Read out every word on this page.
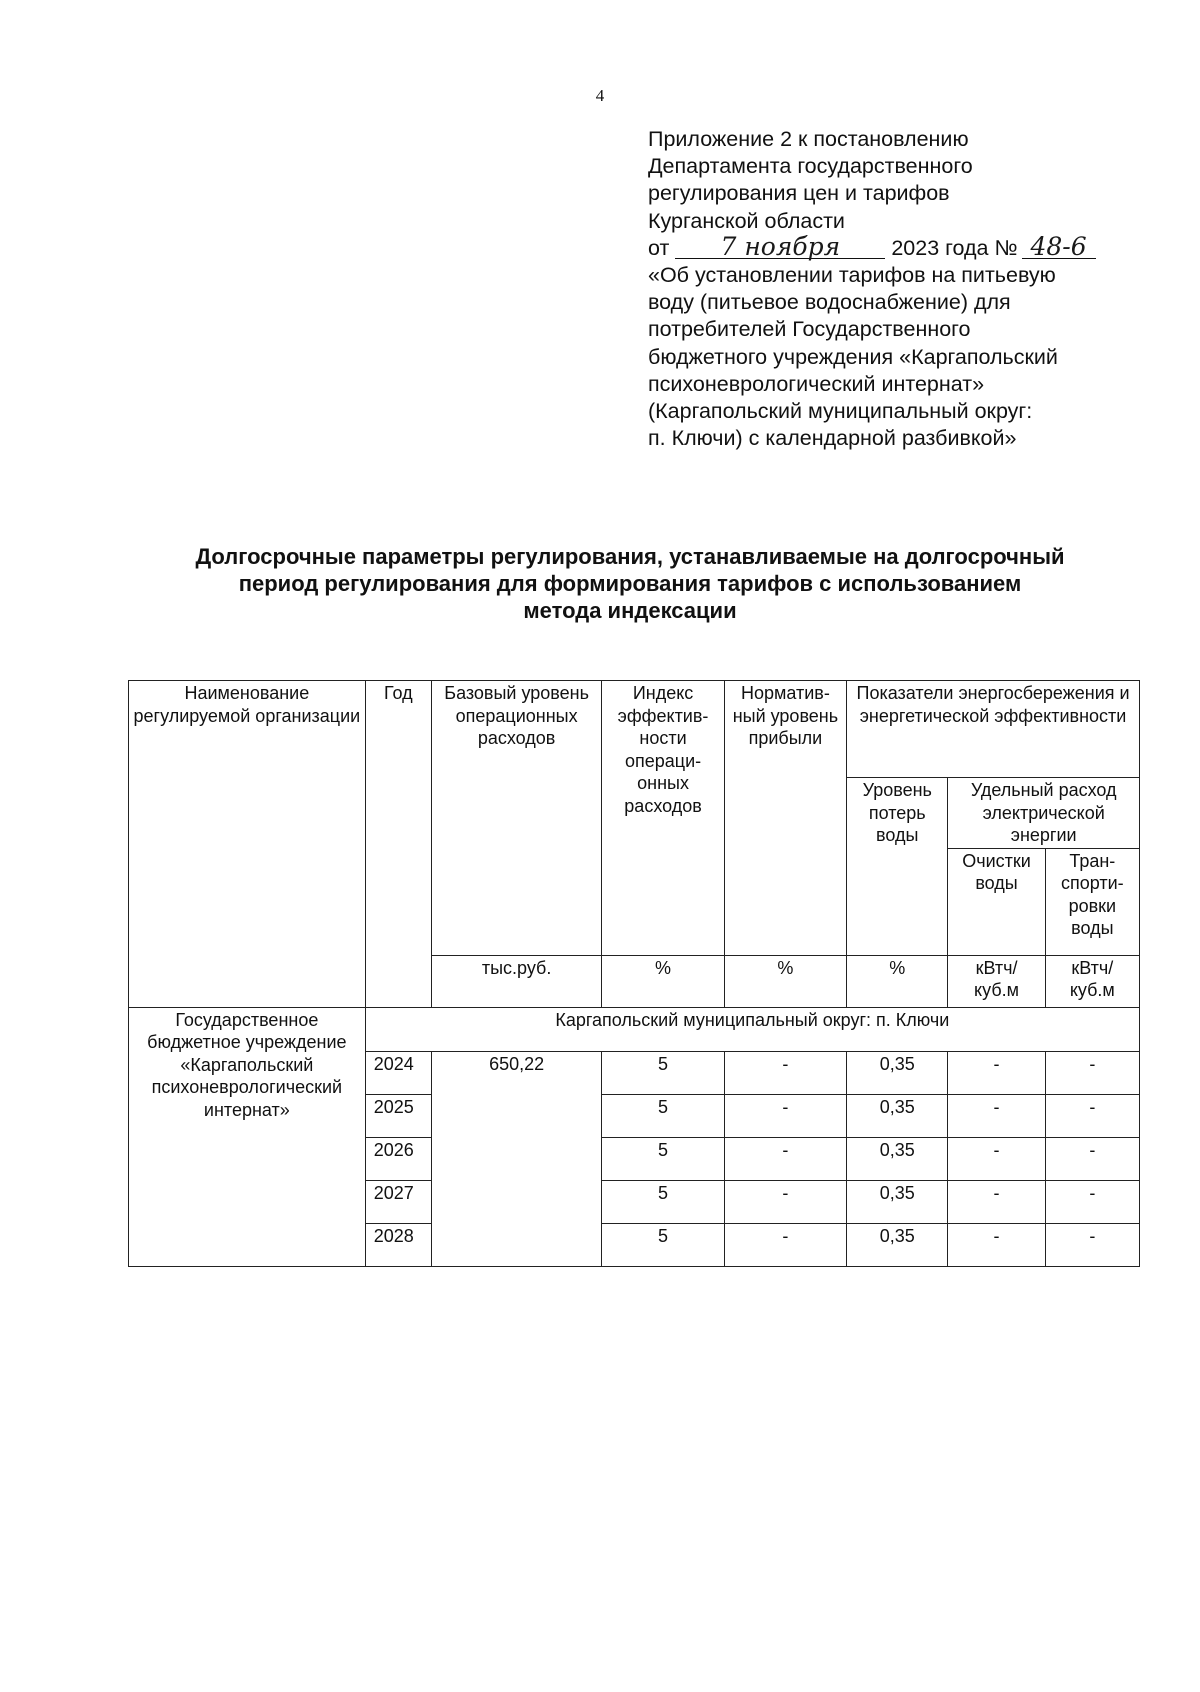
4
Приложение 2 к постановлению
Департамента государственного
регулирования цен и тарифов
Курганской области
от 7 ноября 2023 года № 48-6
«Об установлении тарифов на питьевую
воду (питьевое водоснабжение) для
потребителей Государственного
бюджетного учреждения «Каргапольский
психоневрологический интернат»
(Каргапольский муниципальный округ:
п. Ключи) с календарной разбивкой»
Долгосрочные параметры регулирования, устанавливаемые на долгосрочный
период регулирования для формирования тарифов с использованием
метода индексации
Наименование регулируемой организации	Год	Базовый уровень операционных расходов	Индекс эффектив-ности операци-онных расходов	Норматив-ный уровень прибыли	Показатели энергосбережения и энергетической эффективности		
					Уровень потерь воды	Удельный расход электрической энергии	
						Очистки воды	Тран-спорти-ровки воды
		тыс.руб.	%	%	%	кВтч/ куб.м	кВтч/ куб.м
Государственное бюджетное учреждение «Каргапольский психоневрологический интернат»	Каргапольский муниципальный округ: п. Ключи						
	2024	650,22	5	-	0,35	-	-
	2025		5	-	0,35	-	-
	2026		5	-	0,35	-	-
	2027		5	-	0,35	-	-
	2028		5	-	0,35	-	-
